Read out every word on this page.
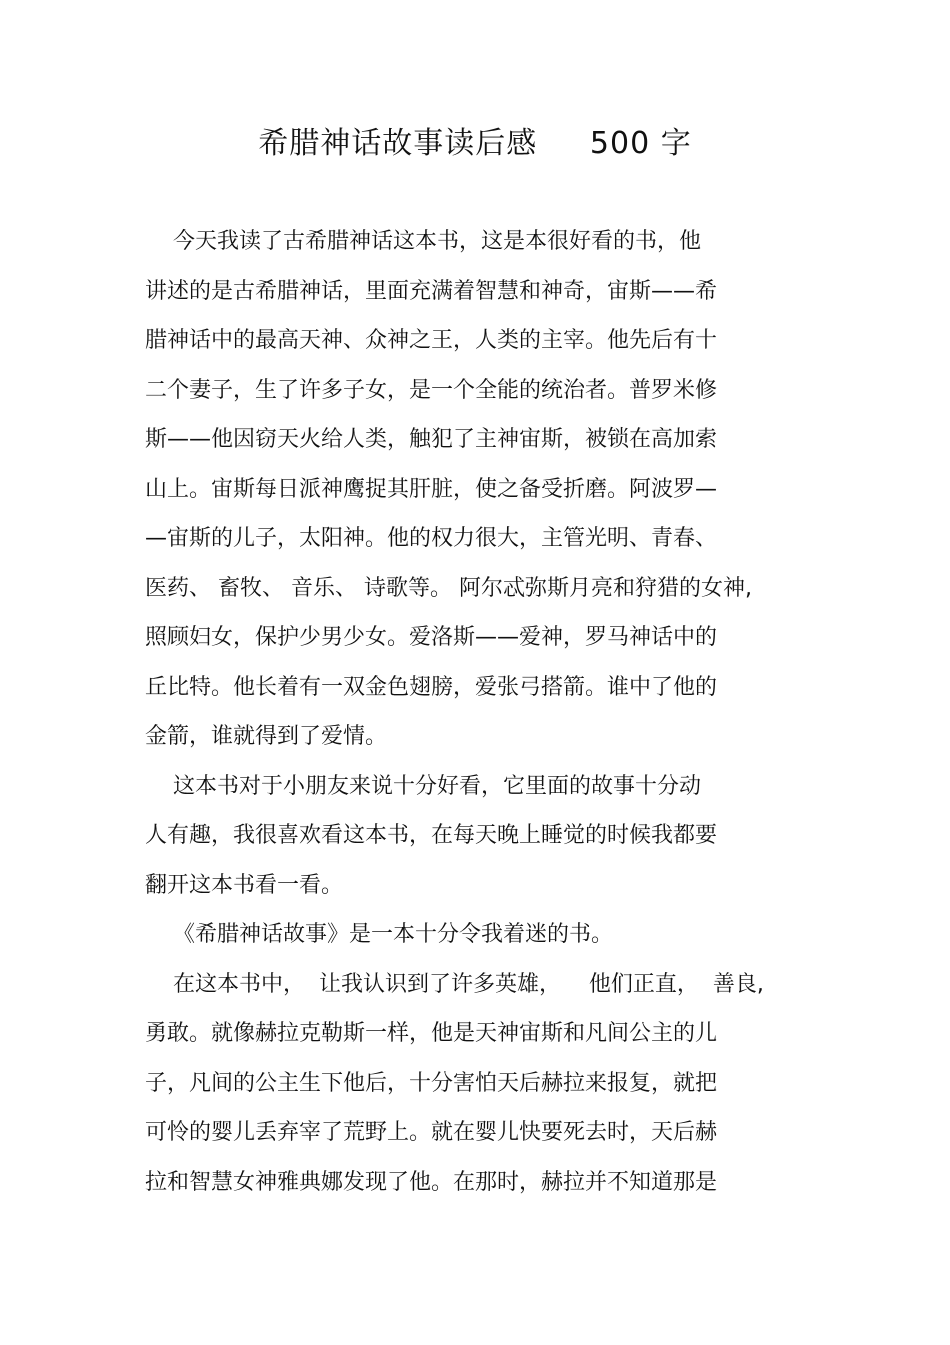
希腊神话故事读后感     500 字
今天我读了古希腊神话这本书，这是本很好看的书，他
讲述的是古希腊神话，里面充满着智慧和神奇，宙斯——希
腊神话中的最高天神、众神之王，人类的主宰。他先后有十
二个妻子，生了许多子女，是一个全能的统治者。普罗米修
斯——他因窃天火给人类，触犯了主神宙斯，被锁在高加索
山上。宙斯每日派神鹰捉其肝脏，使之备受折磨。阿波罗—
—宙斯的儿子，太阳神。他的权力很大，主管光明、青春、
医药、 畜牧、 音乐、 诗歌等。 阿尔忒弥斯月亮和狩猎的女神,
照顾妇女，保护少男少女。爱洛斯——爱神，罗马神话中的
丘比特。他长着有一双金色翅膀，爱张弓搭箭。谁中了他的
金箭，谁就得到了爱情。
这本书对于小朋友来说十分好看，它里面的故事十分动
人有趣，我很喜欢看这本书，在每天晚上睡觉的时候我都要
翻开这本书看一看。
《希腊神话故事》是一本十分令我着迷的书。
在这本书中，  让我认识到了许多英雄，    他们正直，  善良,
勇敢。就像赫拉克勒斯一样，他是天神宙斯和凡间公主的儿
子，凡间的公主生下他后，十分害怕天后赫拉来报复，就把
可怜的婴儿丢弃宰了荒野上。就在婴儿快要死去时，天后赫
拉和智慧女神雅典娜发现了他。在那时，赫拉并不知道那是
